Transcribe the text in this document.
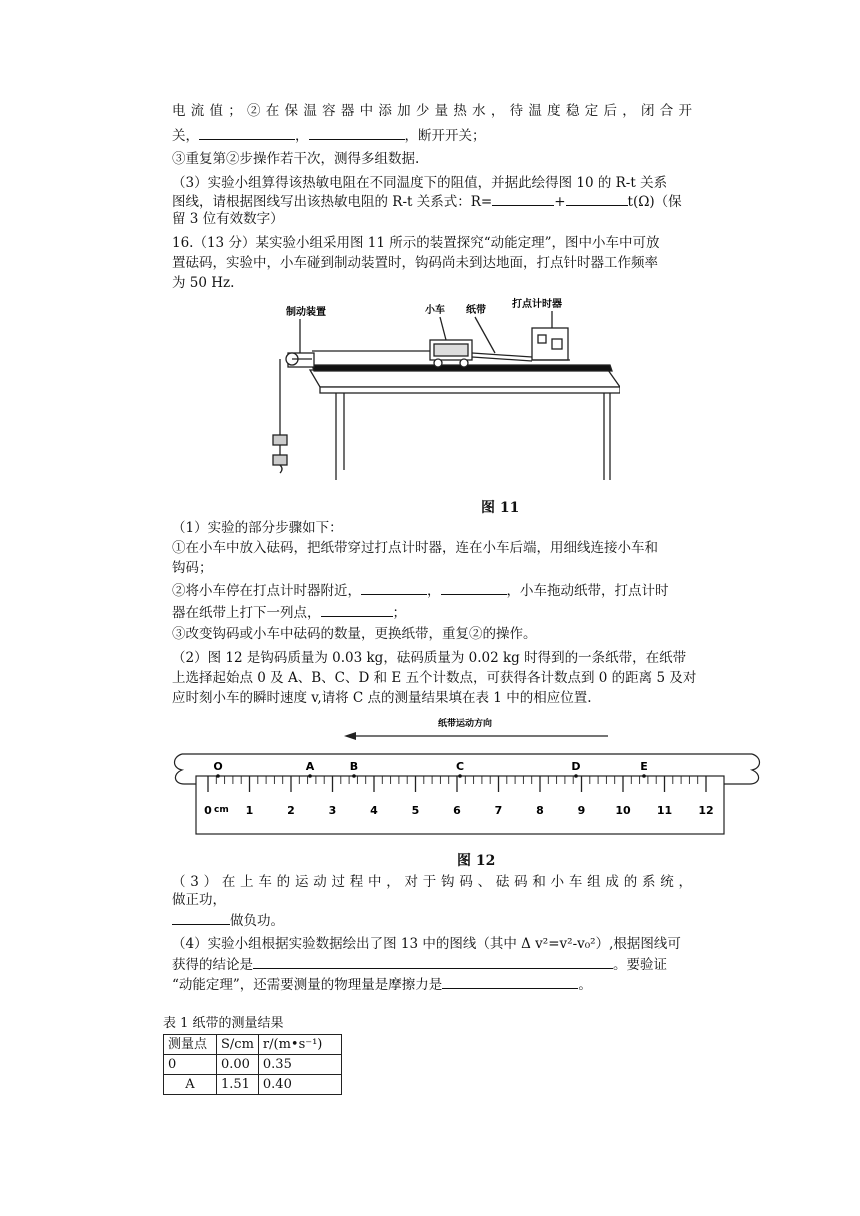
电流值；②在保温容器中添加少量热水，待温度稳定后，闭合开
关，	，	，断开开关；
③重复第②步操作若干次，测得多组数据.
（3）实验小组算得该热敏电阻在不同温度下的阻值，并据此绘得图 10 的 R-t 关系
图线，请根据图线写出该热敏电阻的 R-t 关系式：R=	+	t(Ω)（保
留 3 位有效数字）
16.（13 分）某实验小组采用图 11 所示的装置探究“动能定理”，图中小车中可放
置砝码，实验中，小车碰到制动装置时，钩码尚未到达地面，打点针时器工作频率
为 50 Hz.
制动装置	小车 纸带
打点计时器
图 11
（1）实验的部分步骤如下：
①在小车中放入砝码，把纸带穿过打点计时器，连在小车后端，用细线连接小车和
钩码；
②将小车停在打点计时器附近，	，	，小车拖动纸带，打点计时
器在纸带上打下一列点，	；
③改变钩码或小车中砝码的数量，更换纸带，重复②的操作。
（2）图 12 是钩码质量为 0.03 kg，砝码质量为 0.02 kg 时得到的一条纸带，在纸带
上选择起始点 0 及 A、B、C、D 和 E 五个计数点，可获得各计数点到 0 的距离 5 及对
应时刻小车的瞬时速度 v,请将 C 点的测量结果填在表 1 中的相应位置.
纸带运动方向
0	1	2	3	4	5	6	7	8	9	10 11 12
O	A	B	C	D	E
cm
图 12
（3）在上车的运动过程中，对于钩码、砝码和小车组成的系统，
做正功，
做负功。
（4）实验小组根据实验数据绘出了图 13 中的图线（其中 Δ v²=v²-v₀²）,根据图线可
获得的结论是	。要验证
“动能定理”，还需要测量的物理量是摩擦力是	。
表 1 纸带的测量结果
测量点	S/cm	r/(m•s⁻¹)
0	0.00	0.35
A	1.51	0.40
